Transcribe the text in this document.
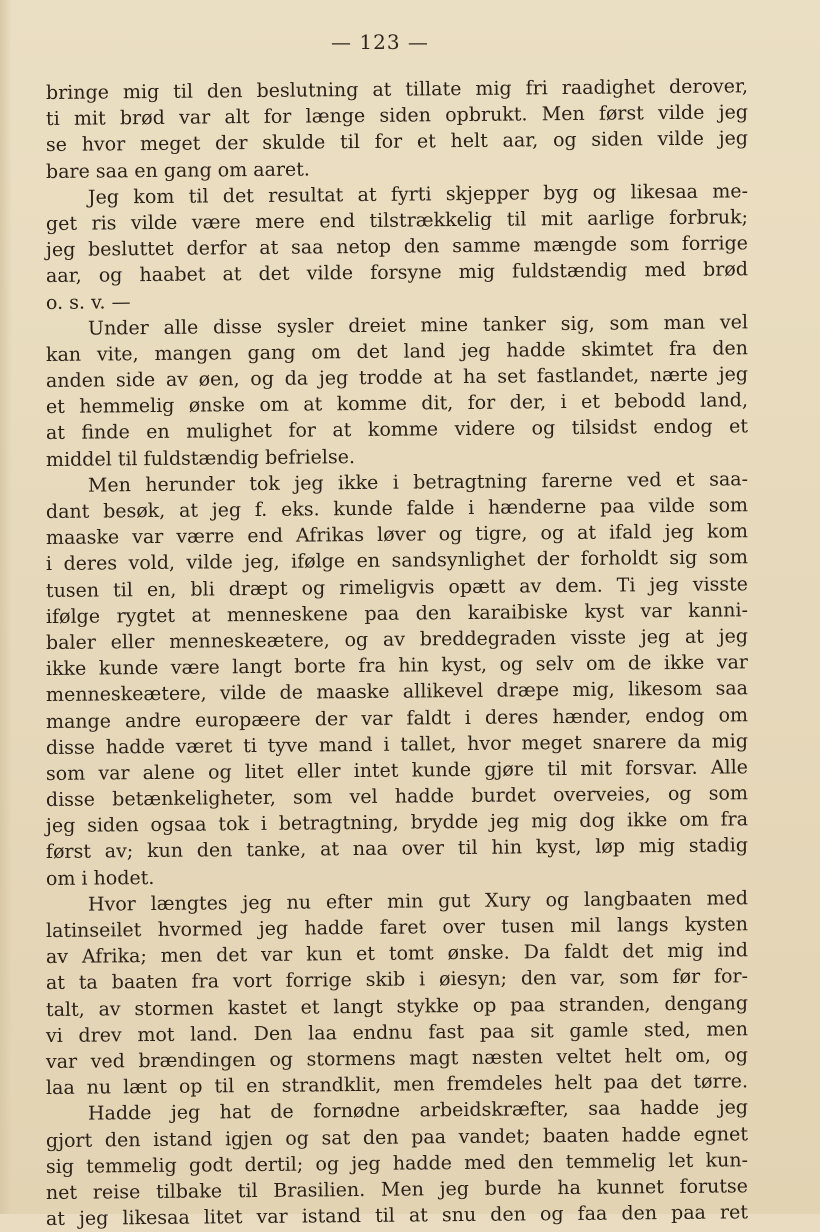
— 123 —
bringe mig til den beslutning at tillate mig fri raadighet derover,
ti mit brød var alt for længe siden opbrukt. Men først vilde jeg
se hvor meget der skulde til for et helt aar, og siden vilde jeg
bare saa en gang om aaret.
Jeg kom til det resultat at fyrti skjepper byg og likesaa me-
get ris vilde være mere end tilstrækkelig til mit aarlige forbruk;
jeg besluttet derfor at saa netop den samme mængde som forrige
aar, og haabet at det vilde forsyne mig fuldstændig med brød
o. s. v. —
Under alle disse sysler dreiet mine tanker sig, som man vel
kan vite, mangen gang om det land jeg hadde skimtet fra den
anden side av øen, og da jeg trodde at ha set fastlandet, nærte jeg
et hemmelig ønske om at komme dit, for der, i et bebodd land,
at finde en mulighet for at komme videre og tilsidst endog et
middel til fuldstændig befrielse.
Men herunder tok jeg ikke i betragtning farerne ved et saa-
dant besøk, at jeg f. eks. kunde falde i hænderne paa vilde som
maaske var værre end Afrikas løver og tigre, og at ifald jeg kom
i deres vold, vilde jeg, ifølge en sandsynlighet der forholdt sig som
tusen til en, bli dræpt og rimeligvis opætt av dem. Ti jeg visste
ifølge rygtet at menneskene paa den karaibiske kyst var kanni-
baler eller menneskeætere, og av breddegraden visste jeg at jeg
ikke kunde være langt borte fra hin kyst, og selv om de ikke var
menneskeætere, vilde de maaske allikevel dræpe mig, likesom saa
mange andre europæere der var faldt i deres hænder, endog om
disse hadde været ti tyve mand i tallet, hvor meget snarere da mig
som var alene og litet eller intet kunde gjøre til mit forsvar. Alle
disse betænkeligheter, som vel hadde burdet overveies, og som
jeg siden ogsaa tok i betragtning, brydde jeg mig dog ikke om fra
først av; kun den tanke, at naa over til hin kyst, løp mig stadig
om i hodet.
Hvor længtes jeg nu efter min gut Xury og langbaaten med
latinseilet hvormed jeg hadde faret over tusen mil langs kysten
av Afrika; men det var kun et tomt ønske. Da faldt det mig ind
at ta baaten fra vort forrige skib i øiesyn; den var, som før for-
talt, av stormen kastet et langt stykke op paa stranden, dengang
vi drev mot land. Den laa endnu fast paa sit gamle sted, men
var ved brændingen og stormens magt næsten veltet helt om, og
laa nu lænt op til en strandklit, men fremdeles helt paa det tørre.
Hadde jeg hat de fornødne arbeidskræfter, saa hadde jeg
gjort den istand igjen og sat den paa vandet; baaten hadde egnet
sig temmelig godt dertil; og jeg hadde med den temmelig let kun-
net reise tilbake til Brasilien. Men jeg burde ha kunnet forutse
at jeg likesaa litet var istand til at snu den og faa den paa ret
